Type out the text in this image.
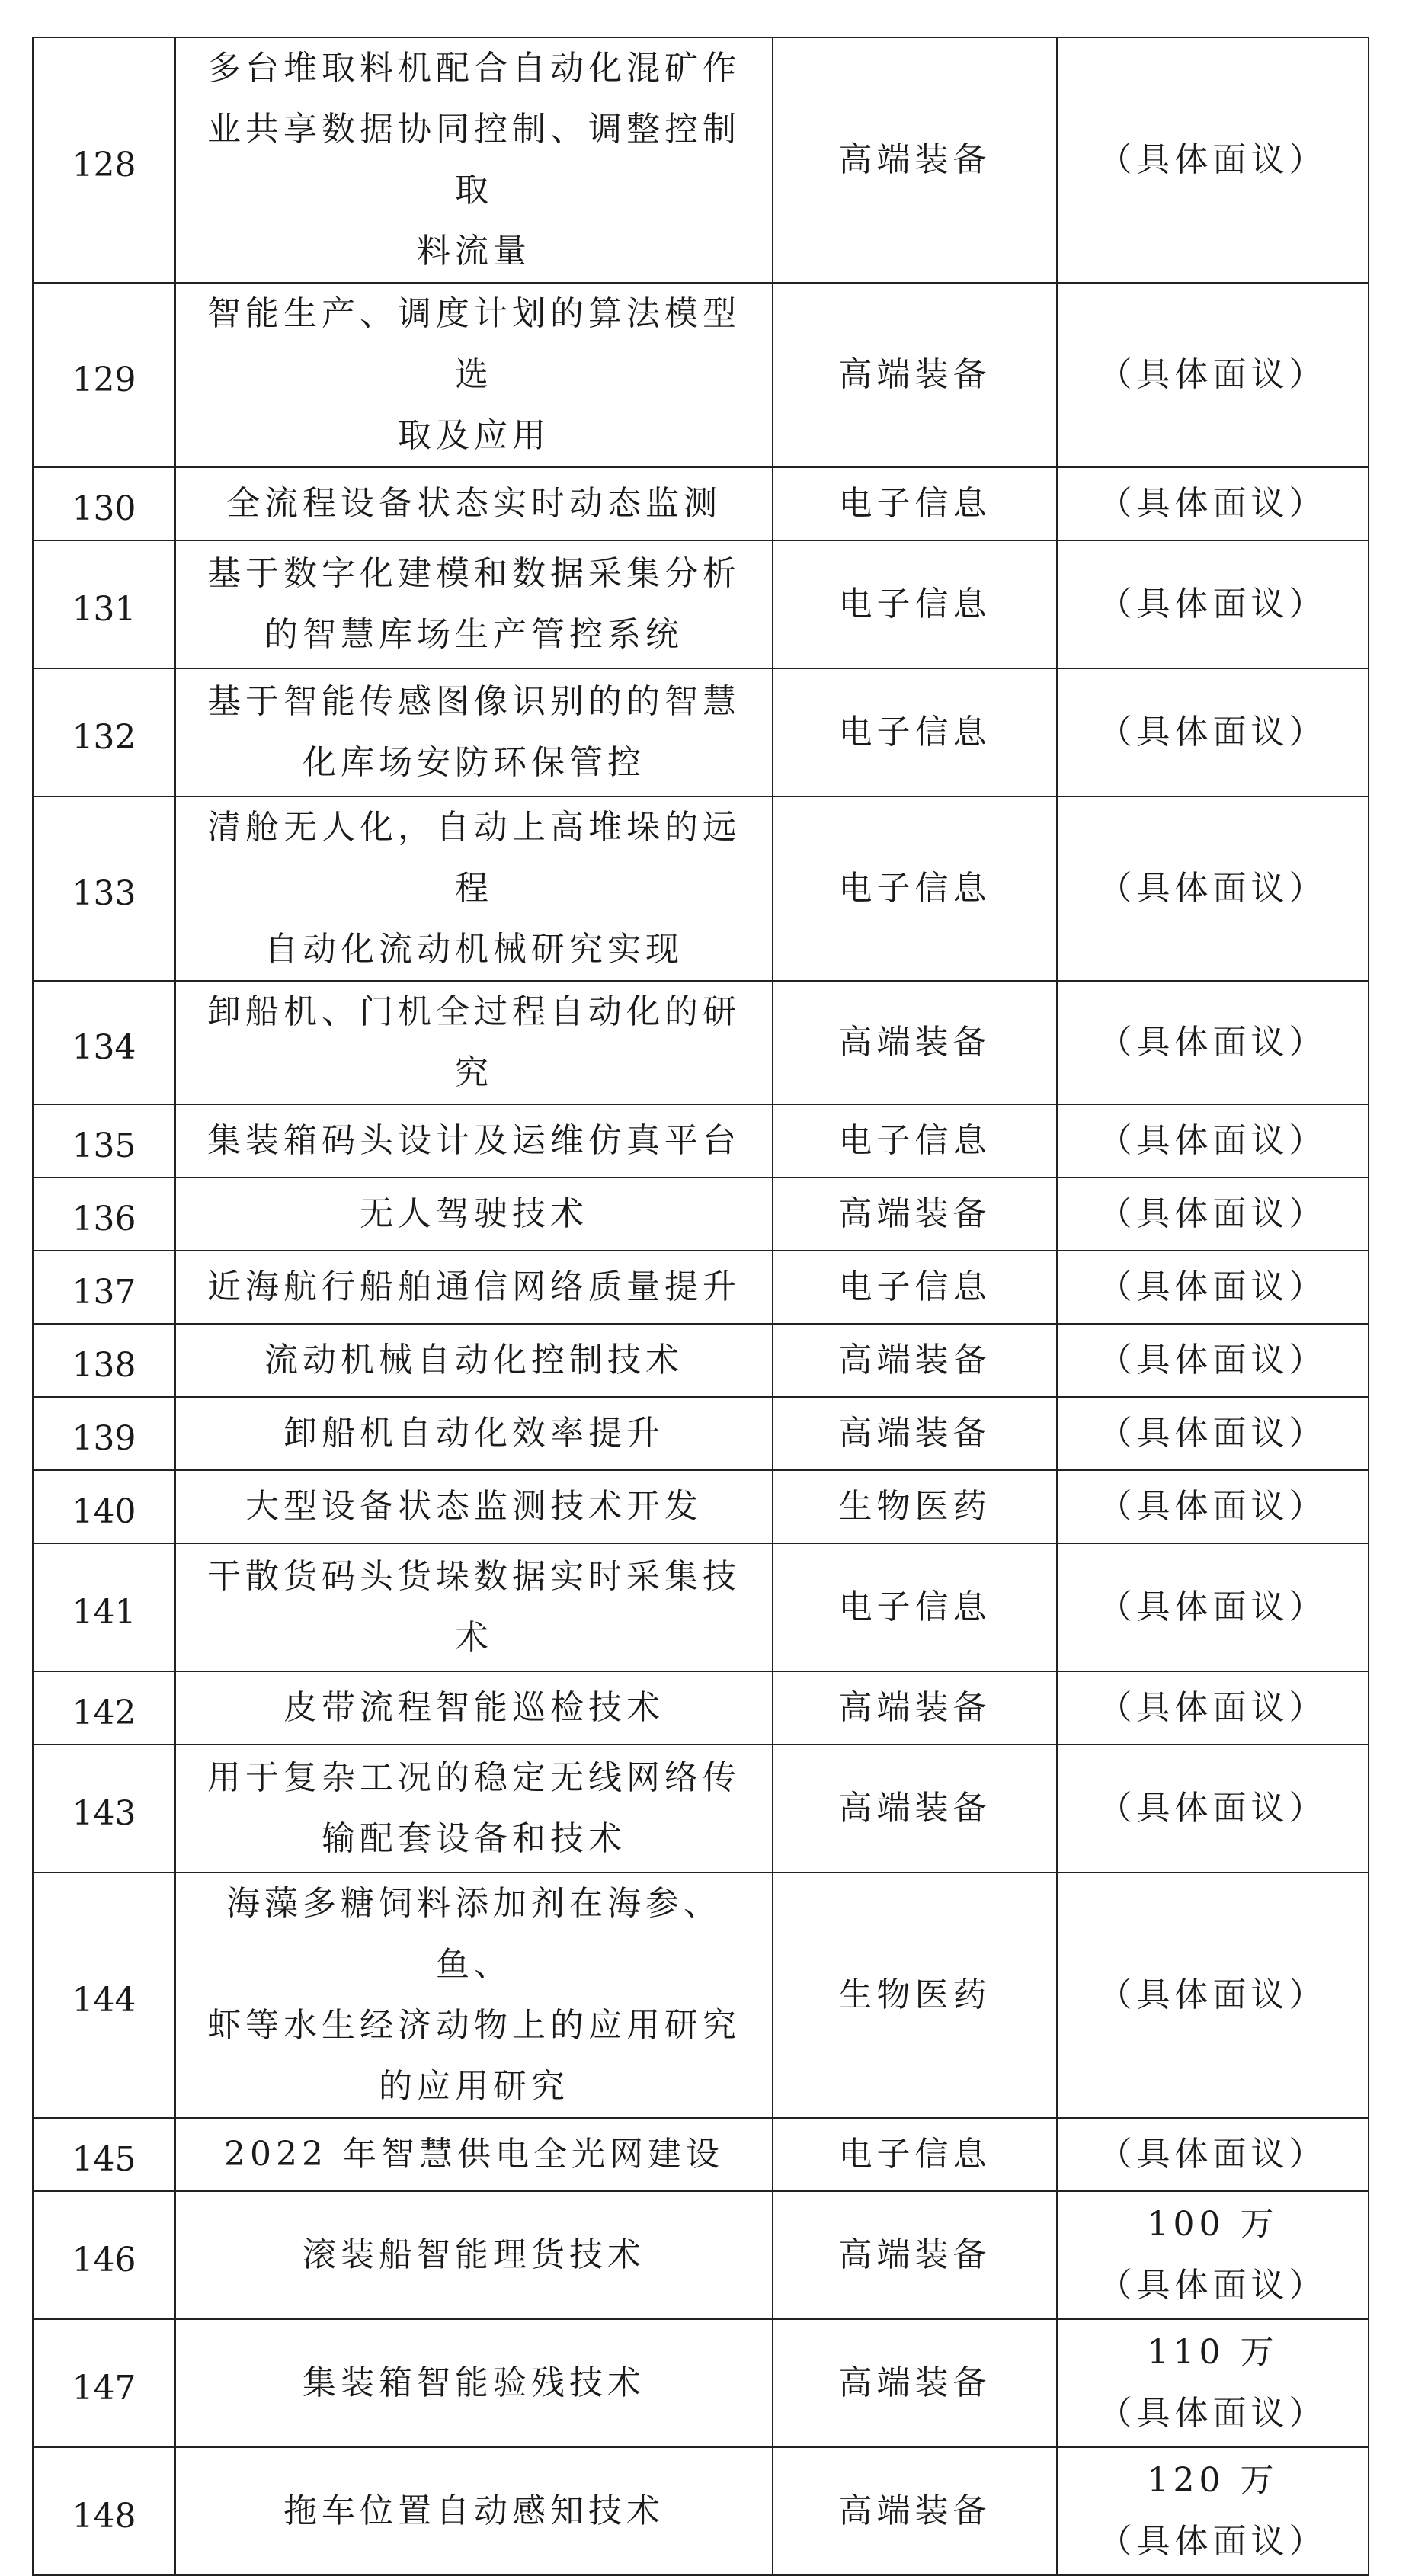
128	多台堆取料机配合自动化混矿作
业共享数据协同控制、调整控制取
料流量	高端装备	（具体面议）
129	智能生产、调度计划的算法模型选
取及应用	高端装备	（具体面议）
130	全流程设备状态实时动态监测	电子信息	（具体面议）
131	基于数字化建模和数据采集分析
的智慧库场生产管控系统	电子信息	（具体面议）
132	基于智能传感图像识别的的智慧
化库场安防环保管控	电子信息	（具体面议）
133	清舱无人化，自动上高堆垛的远程
自动化流动机械研究实现	电子信息	（具体面议）
134	卸船机、门机全过程自动化的研究	高端装备	（具体面议）
135	集装箱码头设计及运维仿真平台	电子信息	（具体面议）
136	无人驾驶技术	高端装备	（具体面议）
137	近海航行船舶通信网络质量提升	电子信息	（具体面议）
138	流动机械自动化控制技术	高端装备	（具体面议）
139	卸船机自动化效率提升	高端装备	（具体面议）
140	大型设备状态监测技术开发	生物医药	（具体面议）
141	干散货码头货垛数据实时采集技
术	电子信息	（具体面议）
142	皮带流程智能巡检技术	高端装备	（具体面议）
143	用于复杂工况的稳定无线网络传
输配套设备和技术	高端装备	（具体面议）
144	海藻多糖饲料添加剂在海参、鱼、
虾等水生经济动物上的应用研究
的应用研究	生物医药	（具体面议）
145	2022 年智慧供电全光网建设	电子信息	（具体面议）
146	滚装船智能理货技术	高端装备	100 万
（具体面议）
147	集装箱智能验残技术	高端装备	110 万
（具体面议）
148	拖车位置自动感知技术	高端装备	120 万
（具体面议）
